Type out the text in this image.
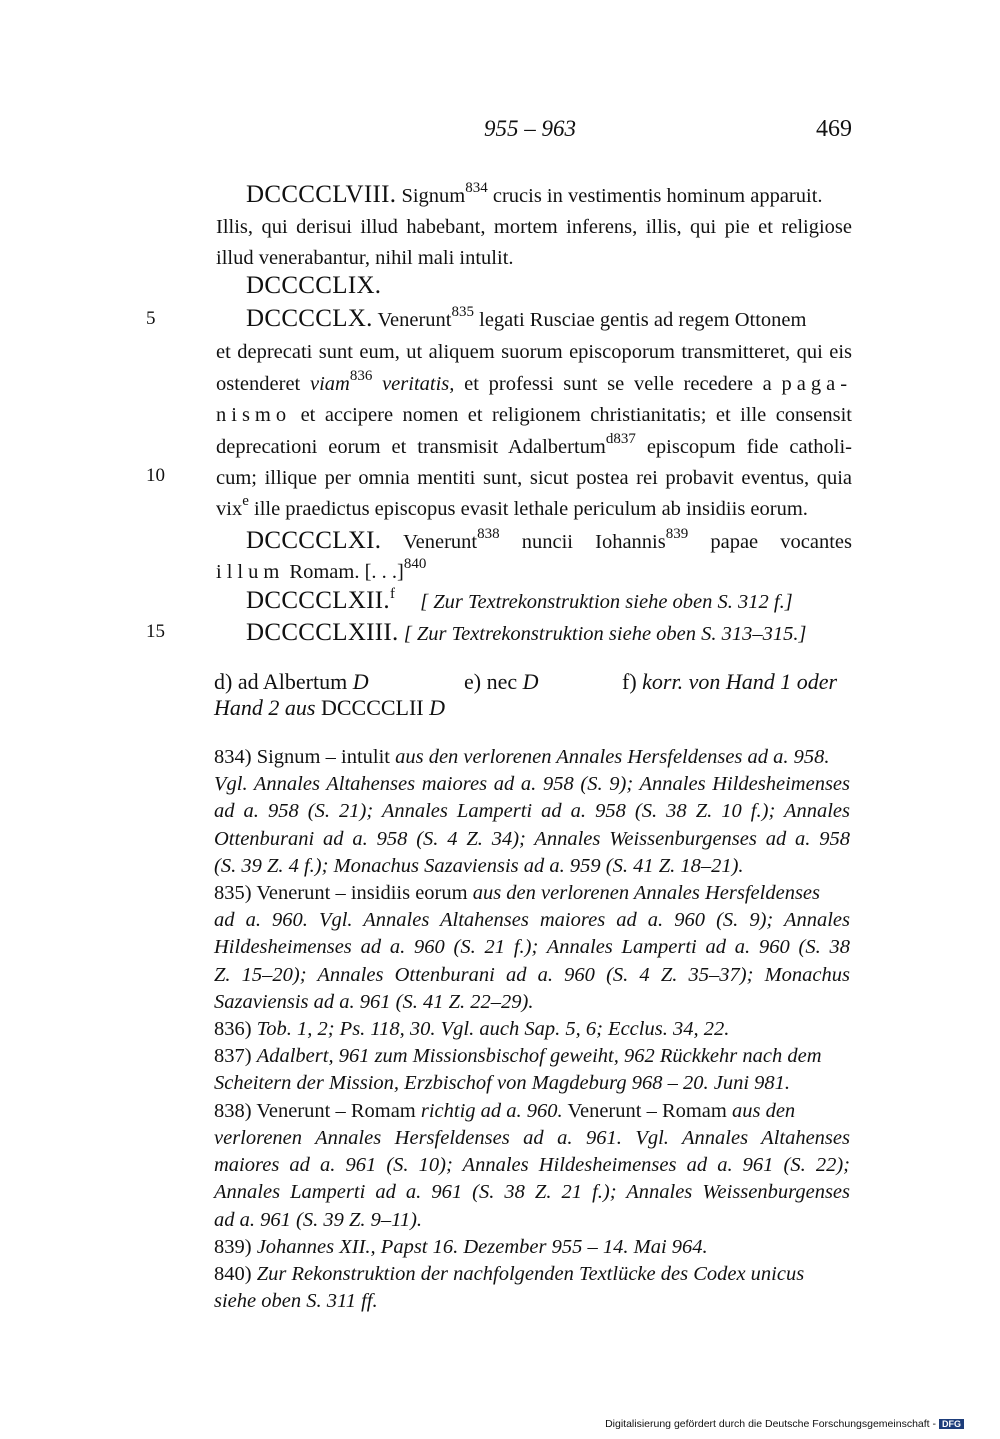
955 – 963	469
5
10
15
DCCCCLVIII. Signum$^{834}$ crucis in vestimentis hominum apparuit.
Illis, qui derisui illud habebant, mortem inferens, illis, qui pie et religiose
illud venerabantur, nihil mali intulit.
DCCCCLIX.
DCCCCLX. Venerunt$^{835}$ legati Rusciae gentis ad regem Ottonem
et deprecati sunt eum, ut aliquem suorum episcoporum transmitteret, qui eis
ostenderet viam$^{836}$ veritatis, et professi sunt se velle recedere a paga-
nismo et accipere nomen et religionem christianitatis; et ille consensit
deprecationi eorum et transmisit Adalbertum$^{d837}$ episcopum fide catholi-
cum; illique per omnia mentiti sunt, sicut postea rei probavit eventus, quia
vix$^e$ ille praedictus episcopus evasit lethale periculum ab insidiis eorum.
DCCCCLXI. Venerunt$^{838}$ nuncii Iohannis$^{839}$ papae vocantes
illum Romam. [. . .]$^{840}$
DCCCCLXII.$^f$ [ Zur Textrekonstruktion siehe oben S. 312 f.]
DCCCCLXIII. [ Zur Textrekonstruktion siehe oben S. 313–315.]
d) ad Albertum D	e) nec D	f) korr. von Hand 1 oder
Hand 2 aus DCCCCLII D
834) Signum – intulit aus den verlorenen Annales Hersfeldenses ad a. 958.
Vgl. Annales Altahenses maiores ad a. 958 (S. 9); Annales Hildesheimenses
ad a. 958 (S. 21); Annales Lamperti ad a. 958 (S. 38 Z. 10 f.); Annales
Ottenburani ad a. 958 (S. 4 Z. 34); Annales Weissenburgenses ad a. 958
(S. 39 Z. 4 f.); Monachus Sazaviensis ad a. 959 (S. 41 Z. 18–21).
835) Venerunt – insidiis eorum aus den verlorenen Annales Hersfeldenses
ad a. 960. Vgl. Annales Altahenses maiores ad a. 960 (S. 9); Annales
Hildesheimenses ad a. 960 (S. 21 f.); Annales Lamperti ad a. 960 (S. 38
Z. 15–20); Annales Ottenburani ad a. 960 (S. 4 Z. 35–37); Monachus
Sazaviensis ad a. 961 (S. 41 Z. 22–29).
836) Tob. 1, 2; Ps. 118, 30. Vgl. auch Sap. 5, 6; Ecclus. 34, 22.
837) Adalbert, 961 zum Missionsbischof geweiht, 962 Rückkehr nach dem
Scheitern der Mission, Erzbischof von Magdeburg 968 – 20. Juni 981.
838) Venerunt – Romam richtig ad a. 960. Venerunt – Romam aus den
verlorenen Annales Hersfeldenses ad a. 961. Vgl. Annales Altahenses
maiores ad a. 961 (S. 10); Annales Hildesheimenses ad a. 961 (S. 22);
Annales Lamperti ad a. 961 (S. 38 Z. 21 f.); Annales Weissenburgenses
ad a. 961 (S. 39 Z. 9–11).
839) Johannes XII., Papst 16. Dezember 955 – 14. Mai 964.
840) Zur Rekonstruktion der nachfolgenden Textlücke des Codex unicus
siehe oben S. 311 ff.
Digitalisierung gefördert durch die Deutsche Forschungsgemeinschaft - DFG
